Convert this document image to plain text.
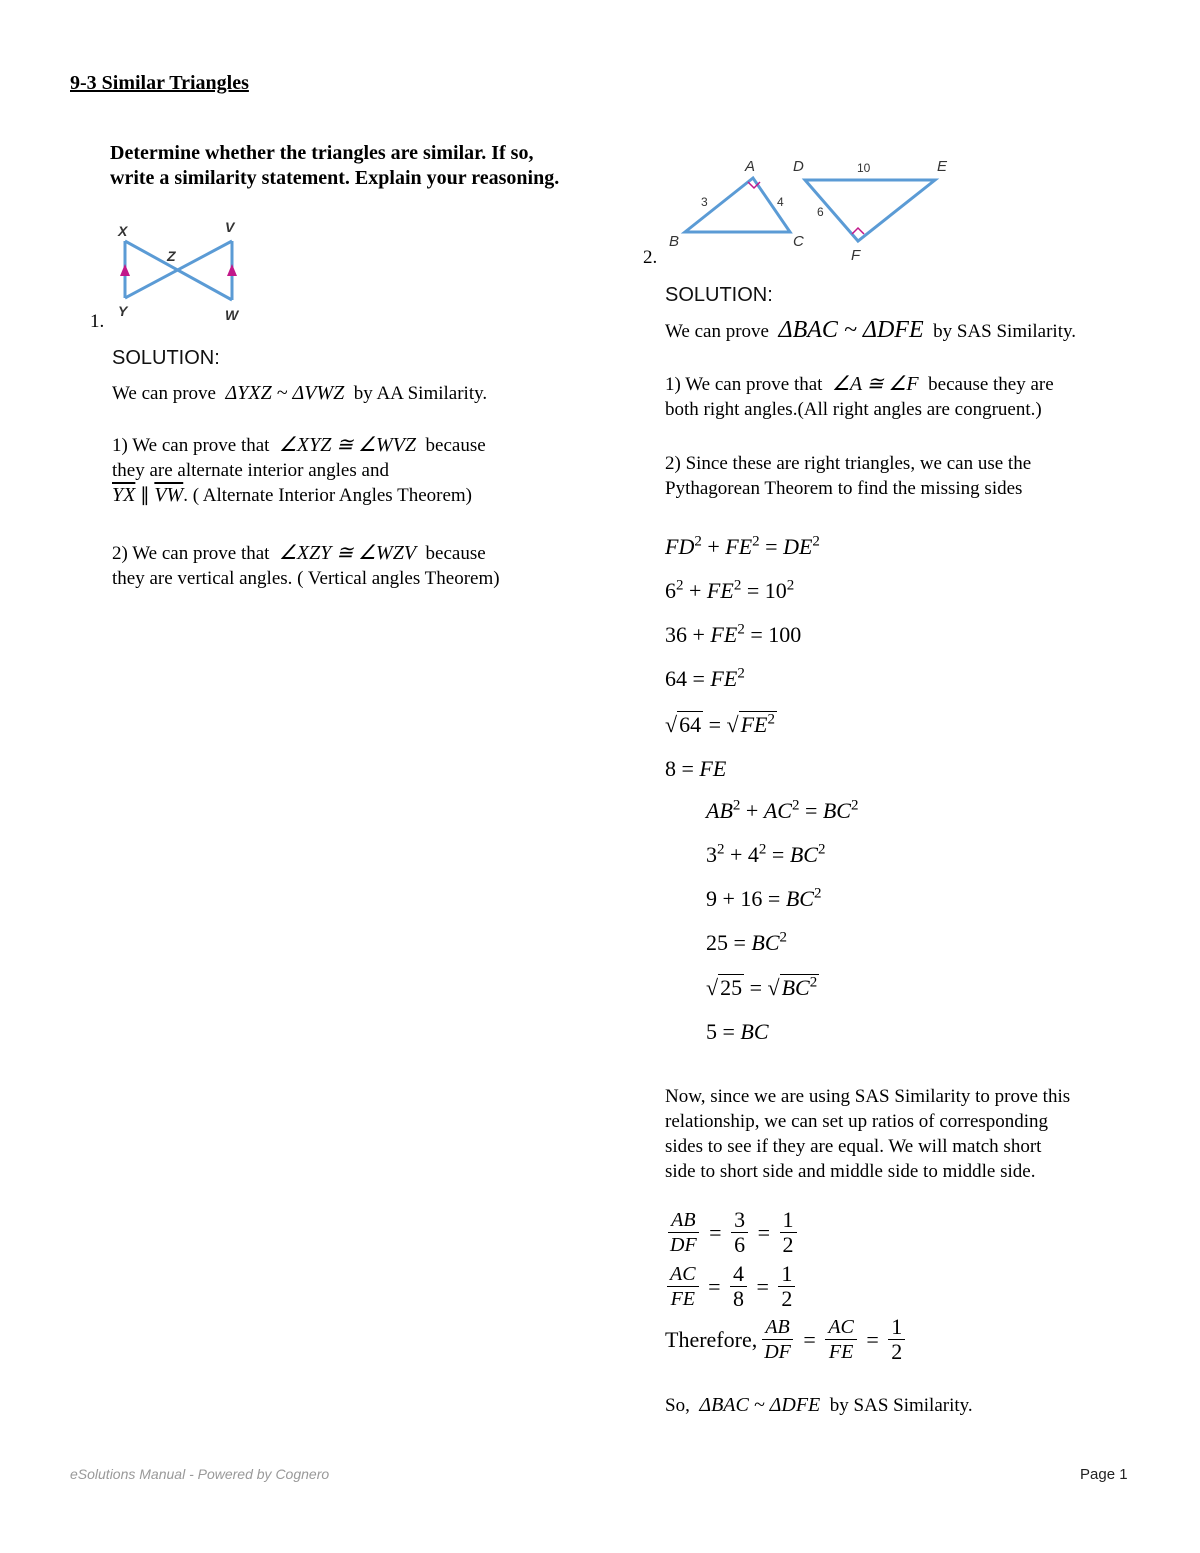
9-3 Similar Triangles
Determine whether the triangles are similar. If so, write a similarity statement. Explain your reasoning.
X	V
Z
Y	W
1.
SOLUTION:
We can prove ΔYXZ ~ ΔVWZ by AA Similarity.
1) We can prove that ∠XYZ ≅ ∠WVZ because
they are alternate interior angles and
$\overline{YX}$ ∥ $\overline{VW}$. ( Alternate Interior Angles Theorem)
2) We can prove that ∠XZY ≅ ∠WZV because
they are vertical angles. ( Vertical angles Theorem)
A
B	C
D	E
F
3	4
10
6
2.
SOLUTION:
We can prove ΔBAC ~ ΔDFE by SAS Similarity.
1) We can prove that ∠A ≅ ∠F because they are
both right angles.(All right angles are congruent.)
2) Since these are right triangles, we can use the
Pythagorean Theorem to find the missing sides
$FD^2 + FE^2 = DE^2$
$6^2 + FE^2 = 10^2$
$36 + FE^2 = 100$
$64 = FE^2$
$√64 = √FE^2$
8 = FE
$AB^2 + AC^2 = BC^2$
$3^2 + 4^2 = BC^2$
$9 + 16 = BC^2$
$25 = BC^2$
$√25 = √BC^2$
5 = BC
Now, since we are using SAS Similarity to prove this
relationship, we can set up ratios of corresponding
sides to see if they are equal. We will match short
side to short side and middle side to middle side.
$\frac{AB}{DF} = \frac{3}{6} = \frac{1}{2}$
$\frac{AC}{FE} = \frac{4}{8} = \frac{1}{2}$
Therefore, $\frac{AB}{DF} = \frac{AC}{FE} = \frac{1}{2}$
So, ΔBAC ~ ΔDFE by SAS Similarity.
eSolutions Manual - Powered by Cognero	Page 1
